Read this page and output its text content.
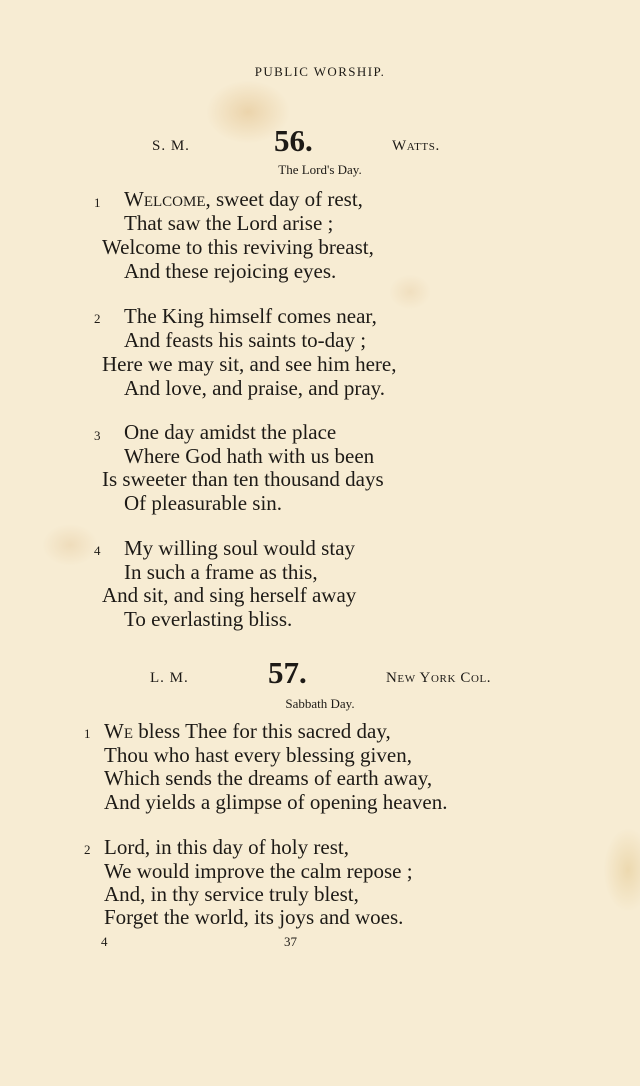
PUBLIC WORSHIP.
S. M.	56.	Watts.
The Lord's Day.
1 Welcome, sweet day of rest,
That saw the Lord arise ;
Welcome to this reviving breast,
And these rejoicing eyes.
2 The King himself comes near,
And feasts his saints to-day ;
Here we may sit, and see him here,
And love, and praise, and pray.
3 One day amidst the place
Where God hath with us been
Is sweeter than ten thousand days
Of pleasurable sin.
4 My willing soul would stay
In such a frame as this,
And sit, and sing herself away
To everlasting bliss.
L. M.	57.	New York Col.
Sabbath Day.
1 We bless Thee for this sacred day,
Thou who hast every blessing given,
Which sends the dreams of earth away,
And yields a glimpse of opening heaven.
2 Lord, in this day of holy rest,
We would improve the calm repose ;
And, in thy service truly blest,
Forget the world, its joys and woes.
4	37
